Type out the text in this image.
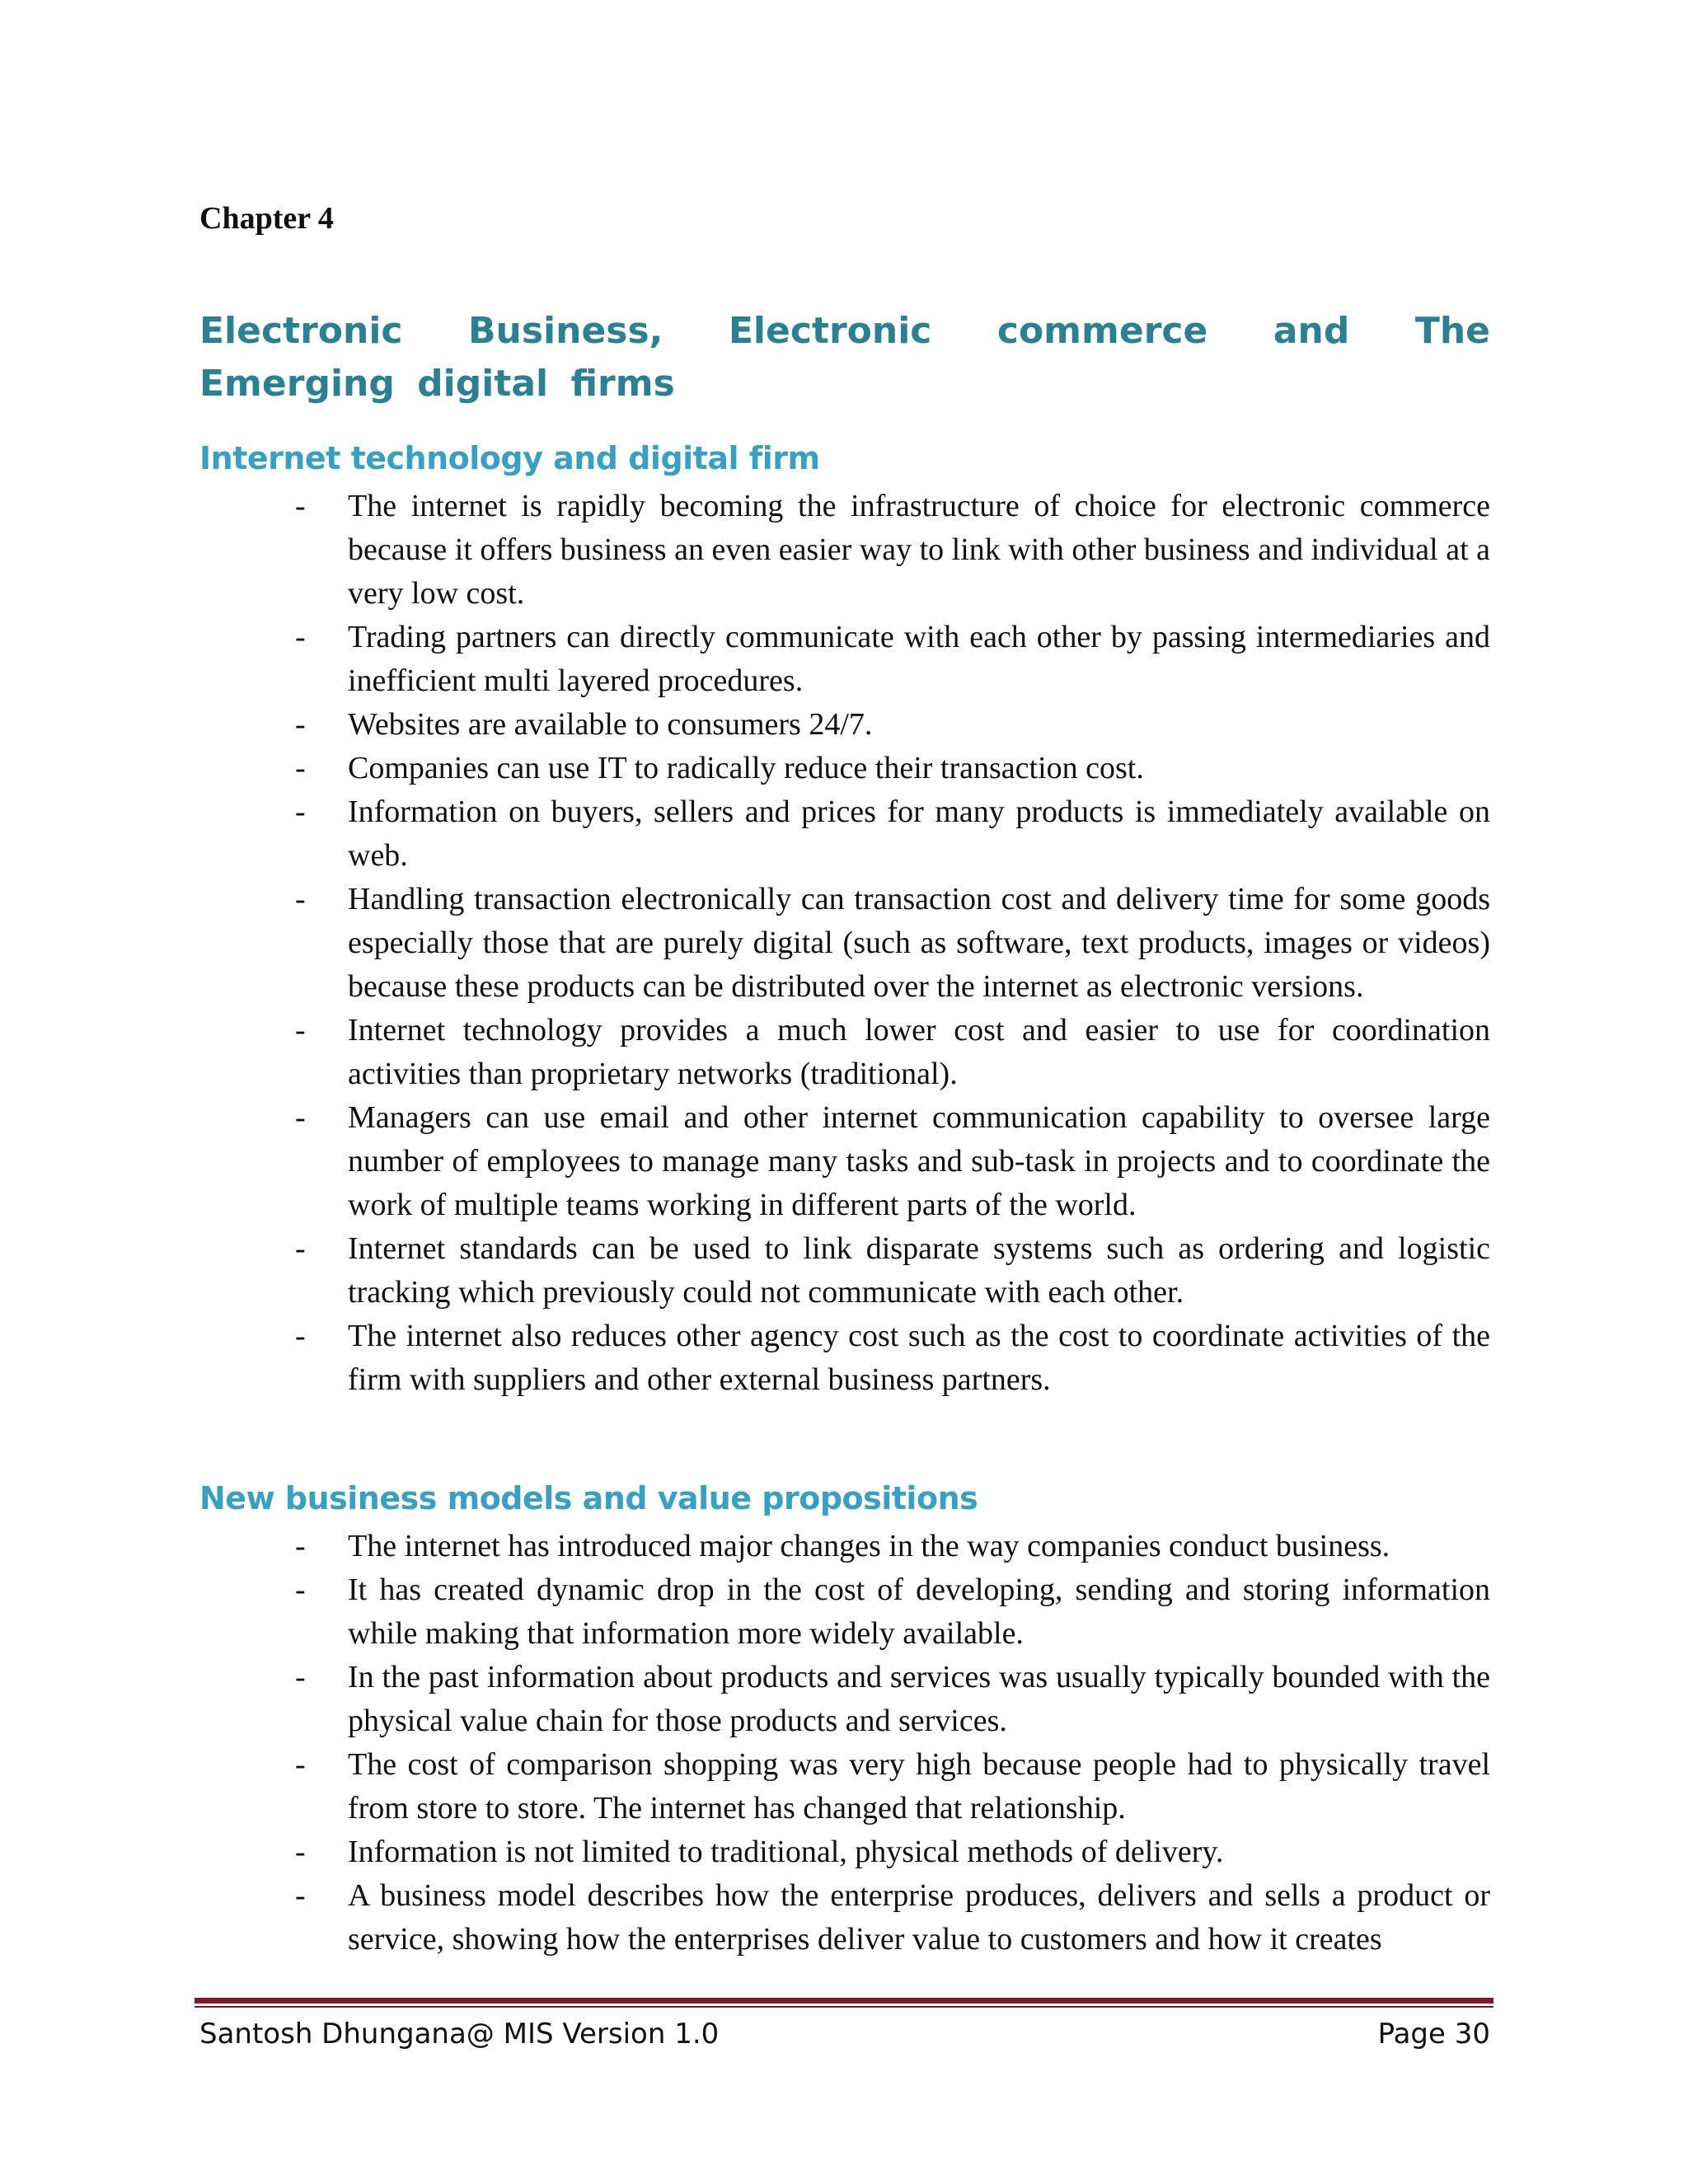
Chapter 4
Electronic Business, Electronic commerce and The Emerging digital firms
Internet technology and digital firm
- The internet is rapidly becoming the infrastructure of choice for electronic commerce because it offers business an even easier way to link with other business and individual at a very low cost.
- Trading partners can directly communicate with each other by passing intermediaries and inefficient multi layered procedures.
- Websites are available to consumers 24/7.
- Companies can use IT to radically reduce their transaction cost.
- Information on buyers, sellers and prices for many products is immediately available on web.
- Handling transaction electronically can transaction cost and delivery time for some goods especially those that are purely digital (such as software, text products, images or videos) because these products can be distributed over the internet as electronic versions.
- Internet technology provides a much lower cost and easier to use for coordination activities than proprietary networks (traditional).
- Managers can use email and other internet communication capability to oversee large number of employees to manage many tasks and sub-task in projects and to coordinate the work of multiple teams working in different parts of the world.
- Internet standards can be used to link disparate systems such as ordering and logistic tracking which previously could not communicate with each other.
- The internet also reduces other agency cost such as the cost to coordinate activities of the firm with suppliers and other external business partners.
New business models and value propositions
- The internet has introduced major changes in the way companies conduct business.
- It has created dynamic drop in the cost of developing, sending and storing information while making that information more widely available.
- In the past information about products and services was usually typically bounded with the physical value chain for those products and services.
- The cost of comparison shopping was very high because people had to physically travel from store to store. The internet has changed that relationship.
- Information is not limited to traditional, physical methods of delivery.
- A business model describes how the enterprise produces, delivers and sells a product or service, showing how the enterprises deliver value to customers and how it creates
Santosh Dhungana@ MIS Version 1.0	Page 30
